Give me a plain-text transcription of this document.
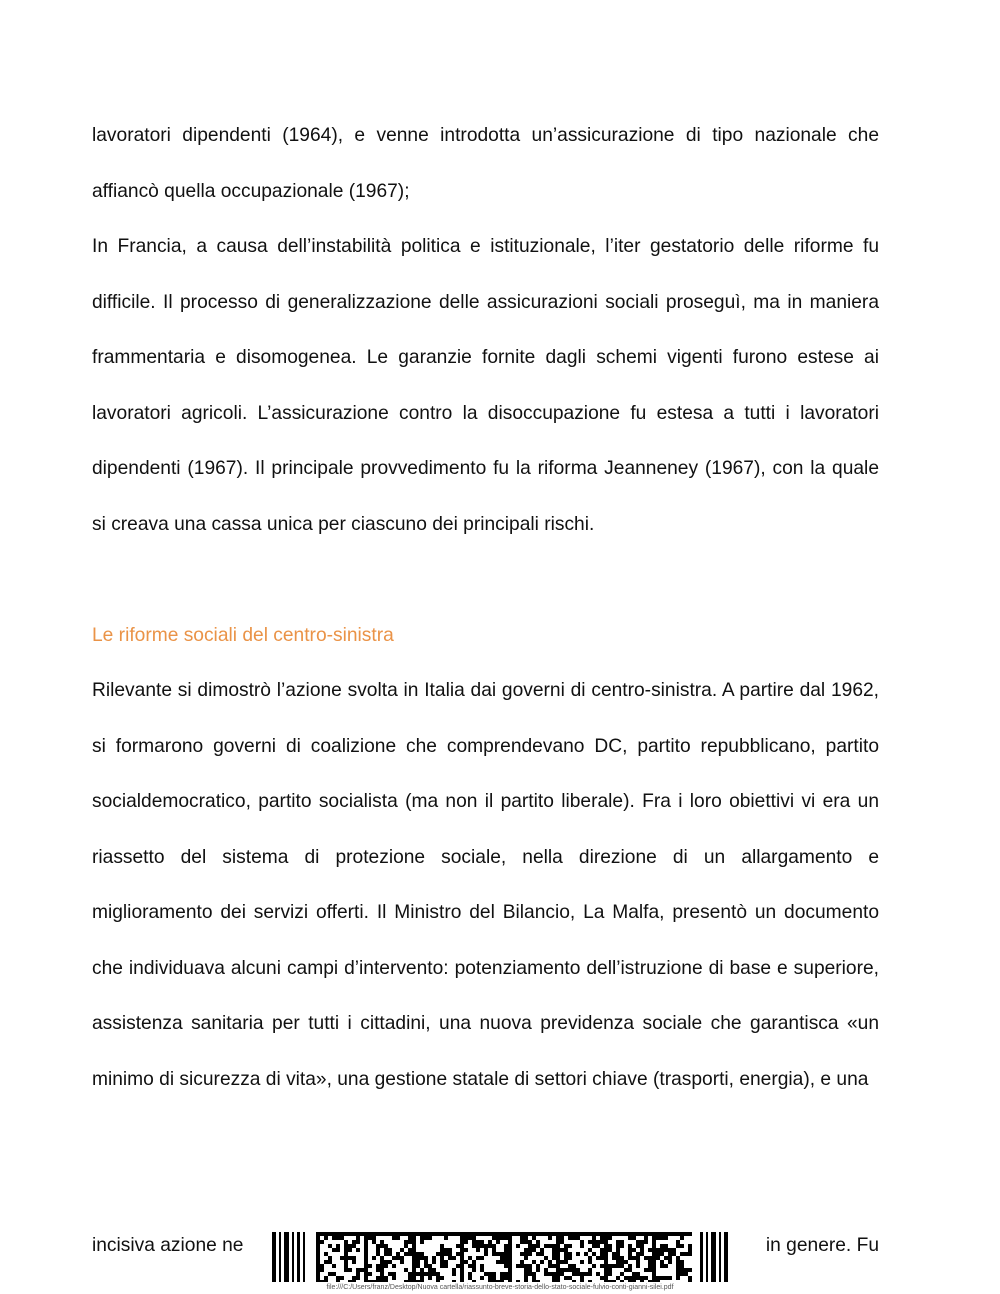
lavoratori dipendenti (1964), e venne introdotta un’assicurazione di tipo nazionale che affiancò quella occupazionale (1967);

In Francia, a causa dell’instabilità politica e istituzionale, l’iter gestatorio delle riforme fu difficile. Il processo di generalizzazione delle assicurazioni sociali proseguì, ma in maniera frammentaria e disomogenea. Le garanzie fornite dagli schemi vigenti furono estese ai lavoratori agricoli. L’assicurazione contro la disoccupazione fu estesa a tutti i lavoratori dipendenti (1967). Il principale provvedimento fu la riforma Jeanneney (1967), con la quale si creava una cassa unica per ciascuno dei principali rischi.

Le riforme sociali del centro-sinistra

Rilevante si dimostrò l’azione svolta in Italia dai governi di centro-sinistra. A partire dal 1962, si formarono governi di coalizione che comprendevano DC, partito repubblicano, partito socialdemocratico, partito socialista (ma non il partito liberale). Fra i loro obiettivi vi era un riassetto del sistema di protezione sociale, nella direzione di un allargamento e miglioramento dei servizi offerti. Il Ministro del Bilancio, La Malfa, presentò un documento che individuava alcuni campi d’intervento: potenziamento dell’istruzione di base e superiore, assistenza sanitaria per tutti i cittadini, una nuova previdenza sociale che garantisca «un minimo di sicurezza di vita», una gestione statale di settori chiave (trasporti, energia), e una

incisiva azione ne	in genere. Fu
file:///C:/Users/franz/Desktop/Nuova cartella/riassunto-breve-storia-dello-stato-sociale-fulvio-conti-gianni-silei.pdf
